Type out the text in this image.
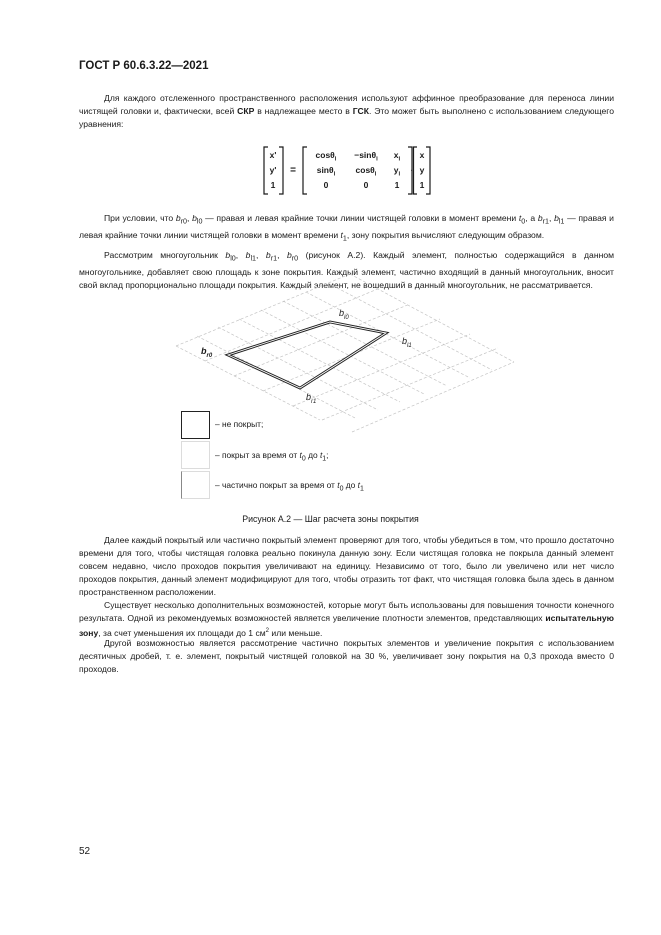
ГОСТ Р 60.6.3.22—2021

Для каждого отслеженного пространственного расположения используют аффинное преобразование для переноса линии чистящей головки и, фактически, всей СКР в надлежащее место в ГСК. Это может быть выполнено с использованием следующего уравнения:

x'
y'
1
=
cosθ$_i$	−sinθ$_i$	$x_i$
sinθ$_i$	cosθ$_i$	$y_i$
0	0	1
·
x
y
1

При условии, что $b_{r0}$, $b_{l0}$ — правая и левая крайние точки линии чистящей головки в момент времени $t_0$, а $b_{r1}$, $b_{l1}$ — правая и левая крайние точки линии чистящей головки в момент времени $t_1$, зону покрытия вычисляют следующим образом.

Рассмотрим многоугольник $b_{l0}$, $b_{l1}$, $b_{r1}$, $b_{r0}$ (рисунок А.2). Каждый элемент, полностью содержащийся в данном многоугольнике, добавляет свою площадь к зоне покрытия. Каждый элемент, частично входящий в данный многоугольник, вносит свой вклад пропорционально площади покрытия. Каждый элемент, не вошедший в данный многоугольник, не рассматривается.

$b_{l0}$
$b_{l1}$
$b_{r0}$
$b_{r1}$
– не покрыт;
– покрыт за время от $t_0$ до $t_1$;
– частично покрыт за время от $t_0$ до $t_1$
Рисунок А.2 — Шаг расчета зоны покрытия

Далее каждый покрытый или частично покрытый элемент проверяют для того, чтобы убедиться в том, что прошло достаточно времени для того, чтобы чистящая головка реально покинула данную зону. Если чистящая головка не покрыла данный элемент совсем недавно, число проходов покрытия увеличивают на единицу. Независимо от того, было ли увеличено или нет число проходов покрытия, данный элемент модифицируют для того, чтобы отразить тот факт, что чистящая головка была здесь в данном пространственном расположении.

Существует несколько дополнительных возможностей, которые могут быть использованы для повышения точности конечного результата. Одной из рекомендуемых возможностей является увеличение плотности элементов, представляющих испытательную зону, за счет уменьшения их площади до 1 $см^2$ или меньше.

Другой возможностью является рассмотрение частично покрытых элементов и увеличение покрытия с использованием десятичных дробей, т. е. элемент, покрытый чистящей головкой на 30 %, увеличивает зону покрытия на 0,3 прохода вместо 0 проходов.

52
